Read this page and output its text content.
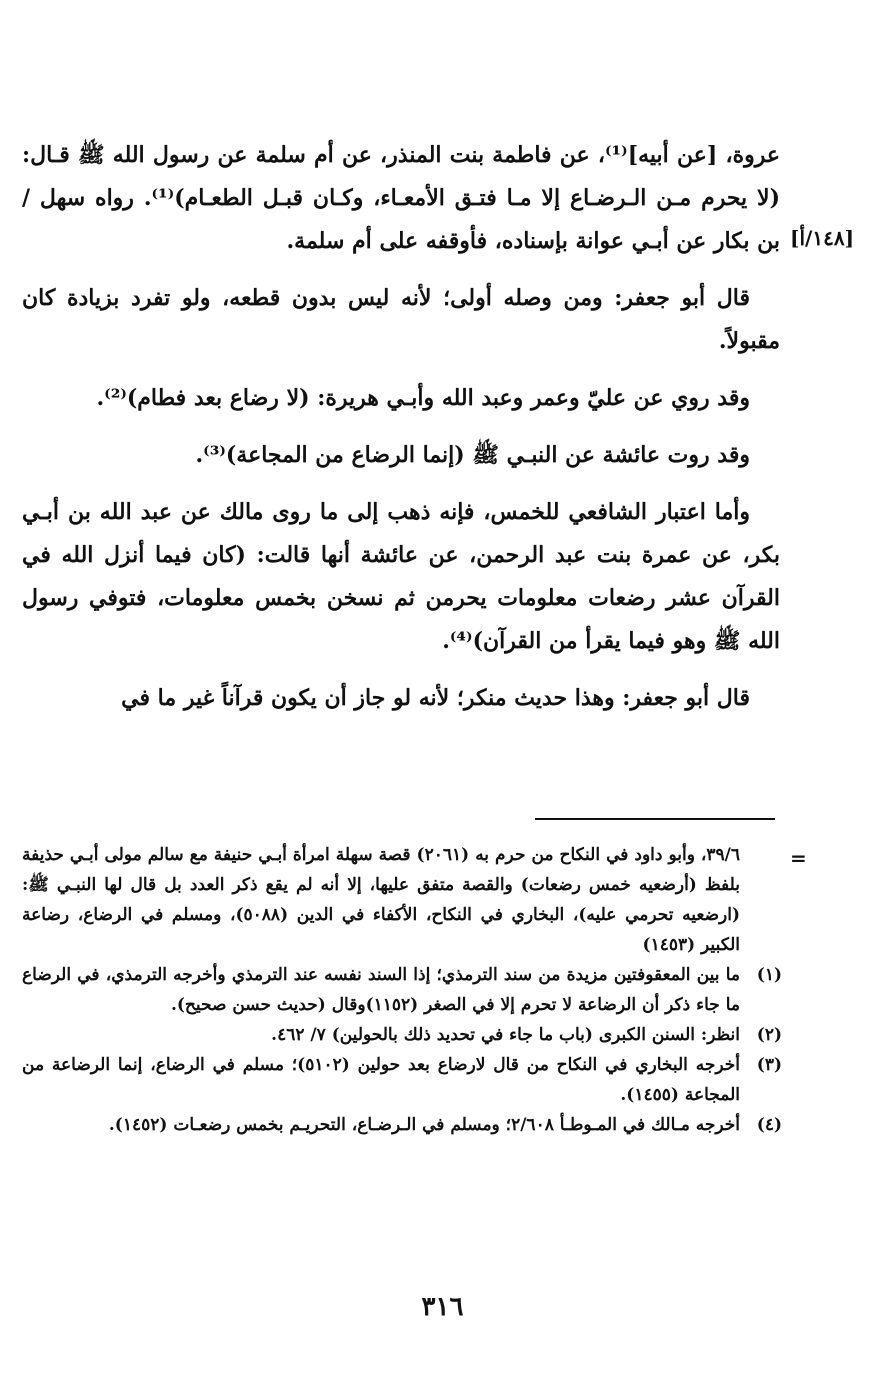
[١٤٨/أ]

عروة، [عن أبيه]⁽¹⁾، عن فاطمة بنت المنذر، عن أم سلمة عن رسول الله ﷺ قـال: (لا يحرم مـن الـرضـاع إلا مـا فتـق الأمعـاء، وكـان قبـل الطعـام)⁽¹⁾. رواه سهل / بن بكار عن أبـي عوانة بإسناده، فأوقفه على أم سلمة.

قال أبو جعفر: ومن وصله أولى؛ لأنه ليس بدون قطعه، ولو تفرد بزيادة كان مقبولاً.

وقد روي عن عليّ وعمر وعبد الله وأبـي هريرة: (لا رضاع بعد فطام)⁽²⁾.

وقد روت عائشة عن النبـي ﷺ (إنما الرضاع من المجاعة)⁽³⁾.

وأما اعتبار الشافعي للخمس، فإنه ذهب إلى ما روى مالك عن عبد الله بن أبـي بكر، عن عمرة بنت عبد الرحمن، عن عائشة أنها قالت: (كان فيما أنزل الله في القرآن عشر رضعات معلومات يحرمن ثم نسخن بخمس معلومات، فتوفي رسول الله ﷺ وهو فيما يقرأ من القرآن)⁽⁴⁾.

قال أبو جعفر: وهذا حديث منكر؛ لأنه لو جاز أن يكون قرآناً غير ما في

=
٣٩/٦، وأبو داود في النكاح من حرم به (٢٠٦١) قصة سهلة امرأة أبـي حنيفة مع سالم مولى أبـي حذيفة بلفظ (أرضعيه خمس رضعات) والقصة متفق عليها، إلا أنه لم يقع ذكر العدد بل قال لها النبـي ﷺ: (ارضعيه تحرمي عليه)، البخاري في النكاح، الأكفاء في الدين (٥٠٨٨)، ومسلم في الرضاع، رضاعة الكبير (١٤٥٣)
(١)
ما بين المعقوفتين مزيدة من سند الترمذي؛ إذا السند نفسه عند الترمذي وأخرجه الترمذي، في الرضاع ما جاء ذكر أن الرضاعة لا تحرم إلا في الصغر (١١٥٢)وقال (حديث حسن صحيح).
(٢)
انظر: السنن الكبرى (باب ما جاء في تحديد ذلك بالحولين) ٧/ ٤٦٢.
(٣)
أخرجه البخاري في النكاح من قال لارضاع بعد حولين (٥١٠٢)؛ مسلم في الرضاع، إنما الرضاعة من المجاعة (١٤٥٥).
(٤)
أخرجه مـالك في المـوطـأ ٢/٦٠٨؛ ومسلم في الـرضـاع، التحريـم بخمس رضعـات (١٤٥٢).
٣١٦
